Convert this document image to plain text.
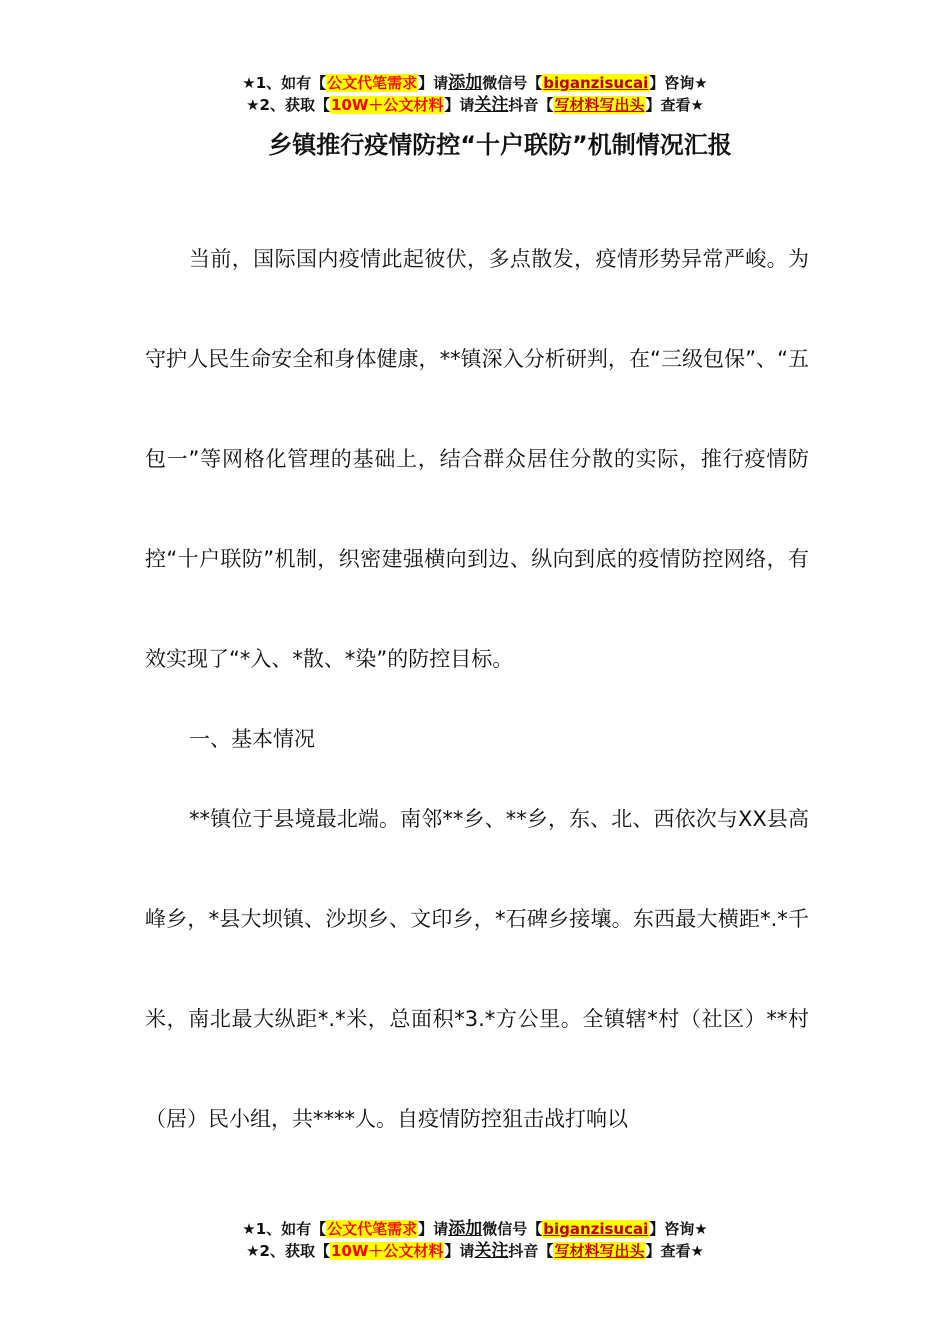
★1、如有【公文代笔需求】请添加微信号【biganzisucai】咨询★
★2、获取【10W＋公文材料】请关注抖音【写材料写出头】查看★
乡镇推行疫情防控“十户联防”机制情况汇报

当前，国际国内疫情此起彼伏，多点散发，疫情形势异常严峻。为守护人民生命安全和身体健康，**镇深入分析研判，在“三级包保”、“五包一”等网格化管理的基础上，结合群众居住分散的实际，推行疫情防控“十户联防”机制，织密建强横向到边、纵向到底的疫情防控网络，有效实现了“*入、*散、*染”的防控目标。

一、基本情况

**镇位于县境最北端。南邻**乡、**乡，东、北、西依次与XX县高峰乡，*县大坝镇、沙坝乡、文印乡，*石碑乡接壤。东西最大横距*.*千米，南北最大纵距*.*米，总面积*3.*方公里。全镇辖*村（社区）**村（居）民小组，共****人。自疫情防控狙击战打响以

★1、如有【公文代笔需求】请添加微信号【biganzisucai】咨询★
★2、获取【10W＋公文材料】请关注抖音【写材料写出头】查看★
